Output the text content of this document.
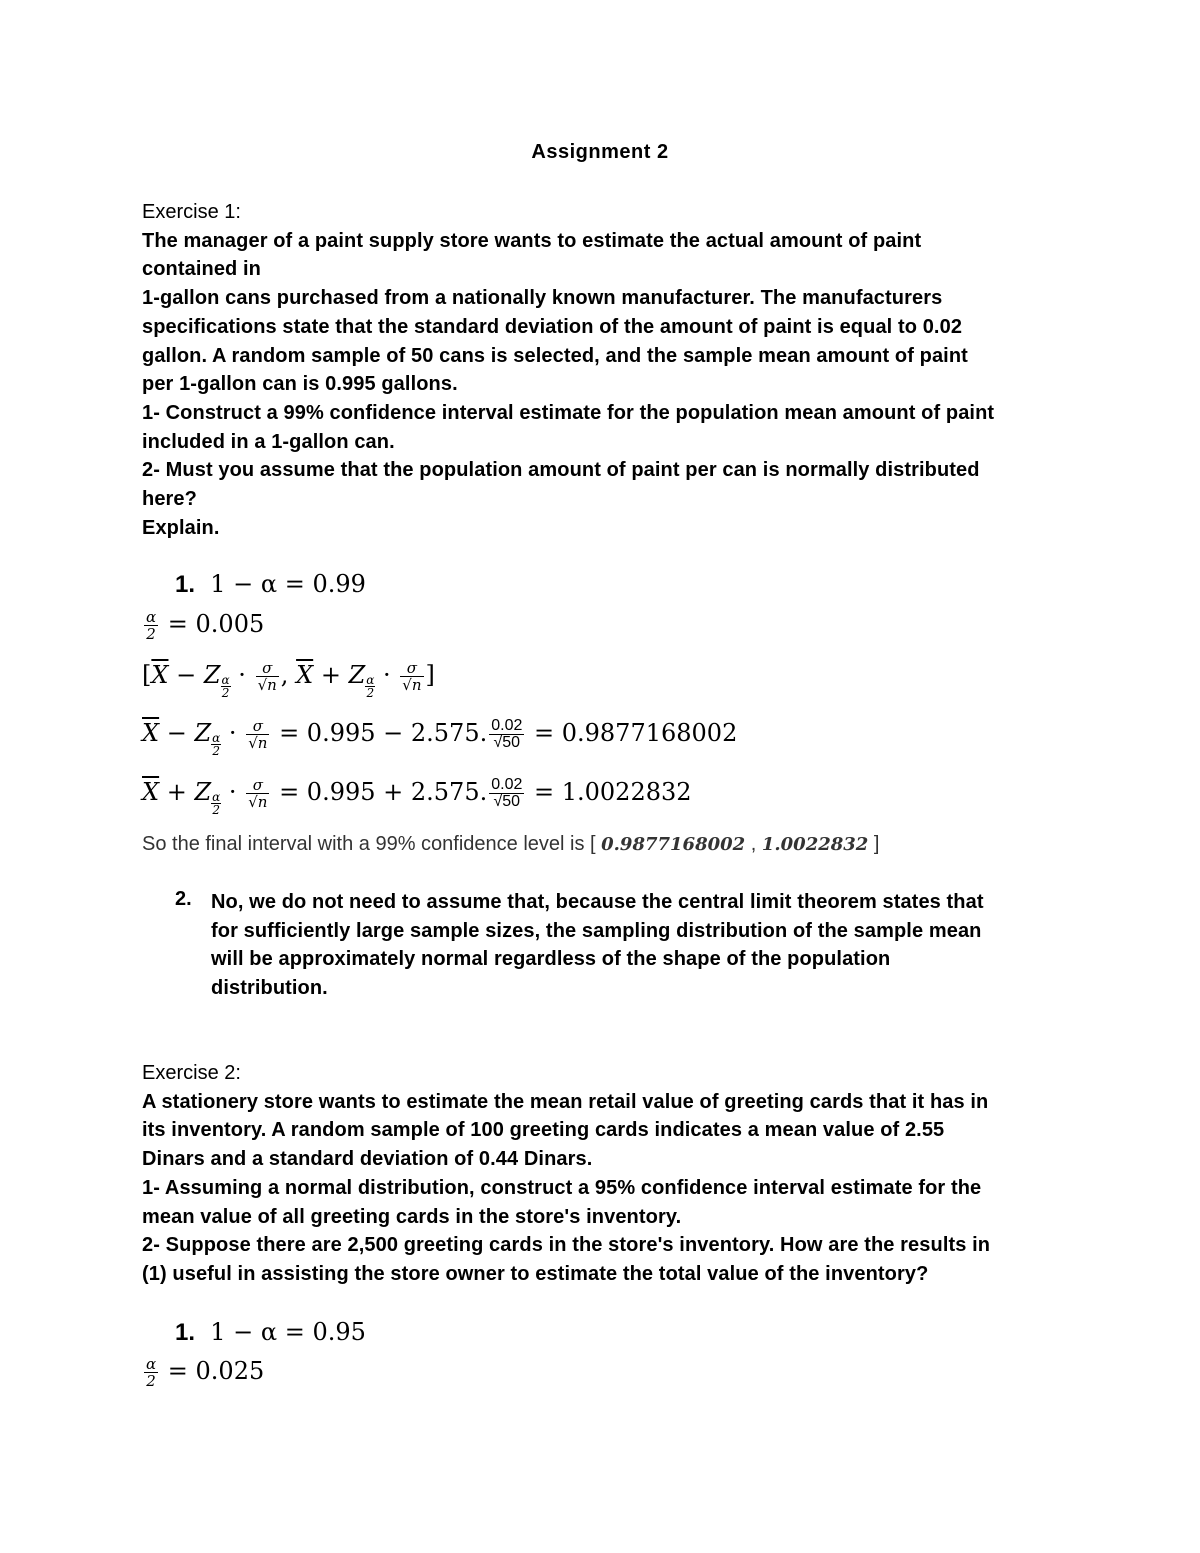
Assignment 2
Exercise 1:
The manager of a paint supply store wants to estimate the actual amount of paint
contained in
1-gallon cans purchased from a nationally known manufacturer. The manufacturers
specifications state that the standard deviation of the amount of paint is equal to 0.02
gallon. A random sample of 50 cans is selected, and the sample mean amount of paint
per 1-gallon can is 0.995 gallons.
1- Construct a 99% confidence interval estimate for the population mean amount of paint
included in a 1-gallon can.
2- Must you assume that the population amount of paint per can is normally distributed
here?
Explain.
1. 1 − α = 0.99
$\frac{\alpha}{2} = 0.005$
[$\overline{X} - Z \frac{\alpha}{2} \cdot \frac{\sigma}{√n}$ , $\overline{X} + Z \frac{\alpha}{2} \cdot \frac{\sigma}{√n}$ ]
$\overline{X} - Z \frac{\alpha}{2} \cdot \frac{\sigma}{√n} = 0.995 - 2.575$. $\frac{0.02}{√50} = 0.9877168002$
$\overline{X} + Z \frac{\alpha}{2} \cdot \frac{\sigma}{√n} = 0.995 + 2.575$. $\frac{0.02}{√50} = 1.0022832$
So the final interval with a 99% confidence level is [ 0.9877168002 , 1.0022832 ]
2. No, we do not need to assume that, because the central limit theorem states that
for sufficiently large sample sizes, the sampling distribution of the sample mean
will be approximately normal regardless of the shape of the population
distribution.
Exercise 2:
A stationery store wants to estimate the mean retail value of greeting cards that it has in
its inventory. A random sample of 100 greeting cards indicates a mean value of 2.55
Dinars and a standard deviation of 0.44 Dinars.
1- Assuming a normal distribution, construct a 95% confidence interval estimate for the
mean value of all greeting cards in the store's inventory.
2- Suppose there are 2,500 greeting cards in the store's inventory. How are the results in
(1) useful in assisting the store owner to estimate the total value of the inventory?
1. 1 − α = 0.95
$\frac{\alpha}{2} = 0.025$
